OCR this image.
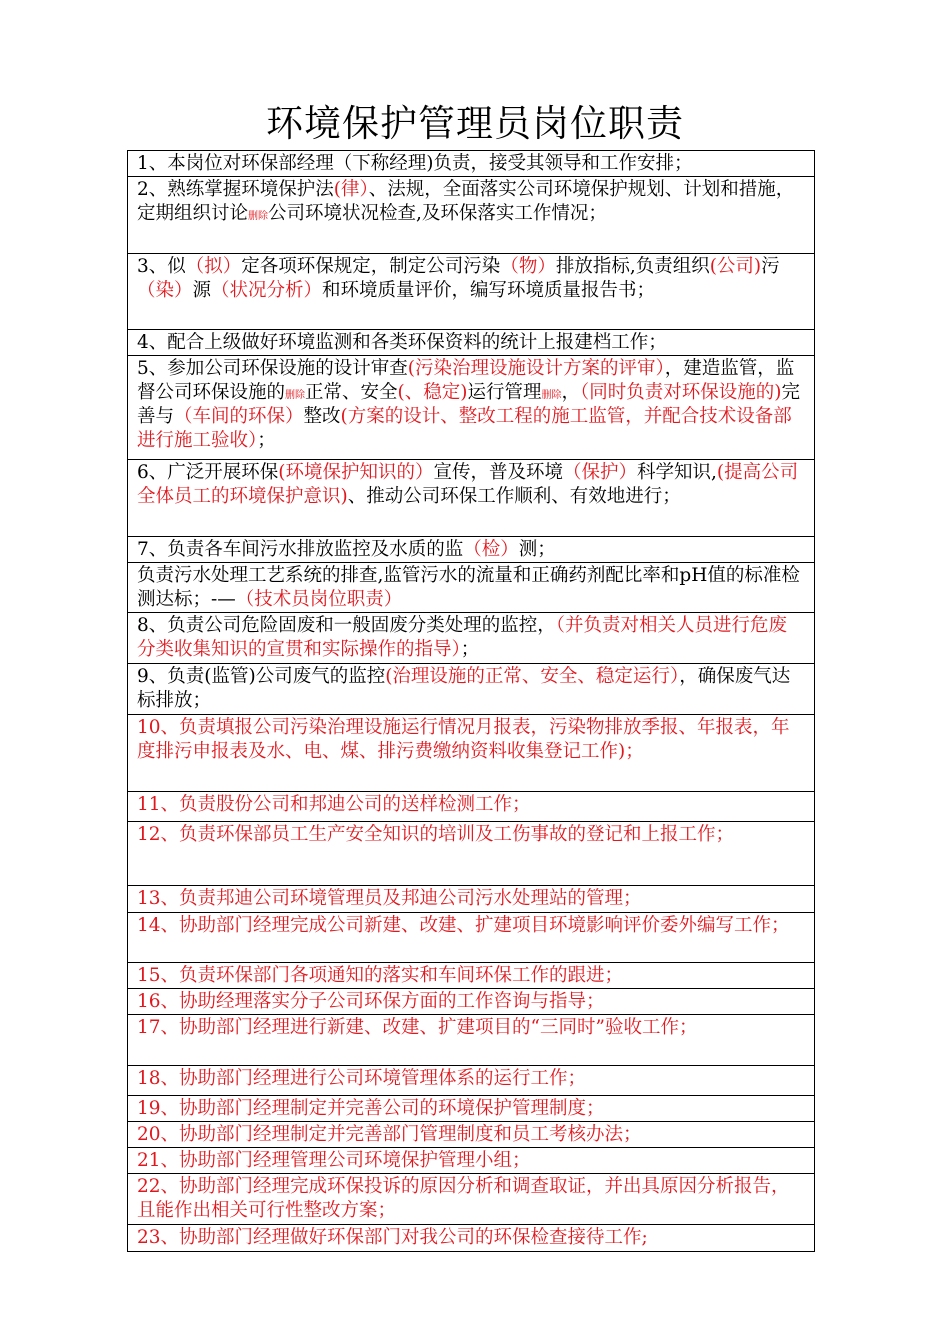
环境保护管理员岗位职责
1、本岗位对环保部经理（下称经理)负责，接受其领导和工作安排；
2、熟练掌握环境保护法(律）、法规，全面落实公司环境保护规划、计划和措施，定期组织讨论删除公司环境状况检查,及环保落实工作情况；
3、似（拟）定各项环保规定，制定公司污染（物）排放指标,负责组织(公司)污（染）源（状况分析）和环境质量评价，编写环境质量报告书；
4、配合上级做好环境监测和各类环保资料的统计上报建档工作；
5、参加公司环保设施的设计审查(污染治理设施设计方案的评审），建造监管，监督公司环保设施的删除正常、安全(、稳定)运行管理删除，（同时负责对环保设施的)完善与（车间的环保）整改(方案的设计、整改工程的施工监管，并配合技术设备部进行施工验收）；
6、广泛开展环保(环境保护知识的）宣传，普及环境（保护）科学知识,(提高公司全体员工的环境保护意识)、推动公司环保工作顺利、有效地进行；
7、负责各车间污水排放监控及水质的监（检）测；
负责污水处理工艺系统的排查,监管污水的流量和正确药剂配比率和pH值的标准检测达标；-—（技术员岗位职责）
8、负责公司危险固废和一般固废分类处理的监控，（并负责对相关人员进行危废分类收集知识的宣贯和实际操作的指导）；
9、负责(监管)公司废气的监控(治理设施的正常、安全、稳定运行），确保废气达标排放；
10、负责填报公司污染治理设施运行情况月报表，污染物排放季报、年报表，年度排污申报表及水、电、煤、排污费缴纳资料收集登记工作)；
11、负责股份公司和邦迪公司的送样检测工作；
12、负责环保部员工生产安全知识的培训及工伤事故的登记和上报工作；
13、负责邦迪公司环境管理员及邦迪公司污水处理站的管理；
14、协助部门经理完成公司新建、改建、扩建项目环境影响评价委外编写工作；
15、负责环保部门各项通知的落实和车间环保工作的跟进；
16、协助经理落实分子公司环保方面的工作咨询与指导；
17、协助部门经理进行新建、改建、扩建项目的“三同时”验收工作；
18、协助部门经理进行公司环境管理体系的运行工作；
19、协助部门经理制定并完善公司的环境保护管理制度；
20、协助部门经理制定并完善部门管理制度和员工考核办法；
21、协助部门经理管理公司环境保护管理小组；
22、协助部门经理完成环保投诉的原因分析和调查取证，并出具原因分析报告，且能作出相关可行性整改方案；
23、协助部门经理做好环保部门对我公司的环保检查接待工作;
